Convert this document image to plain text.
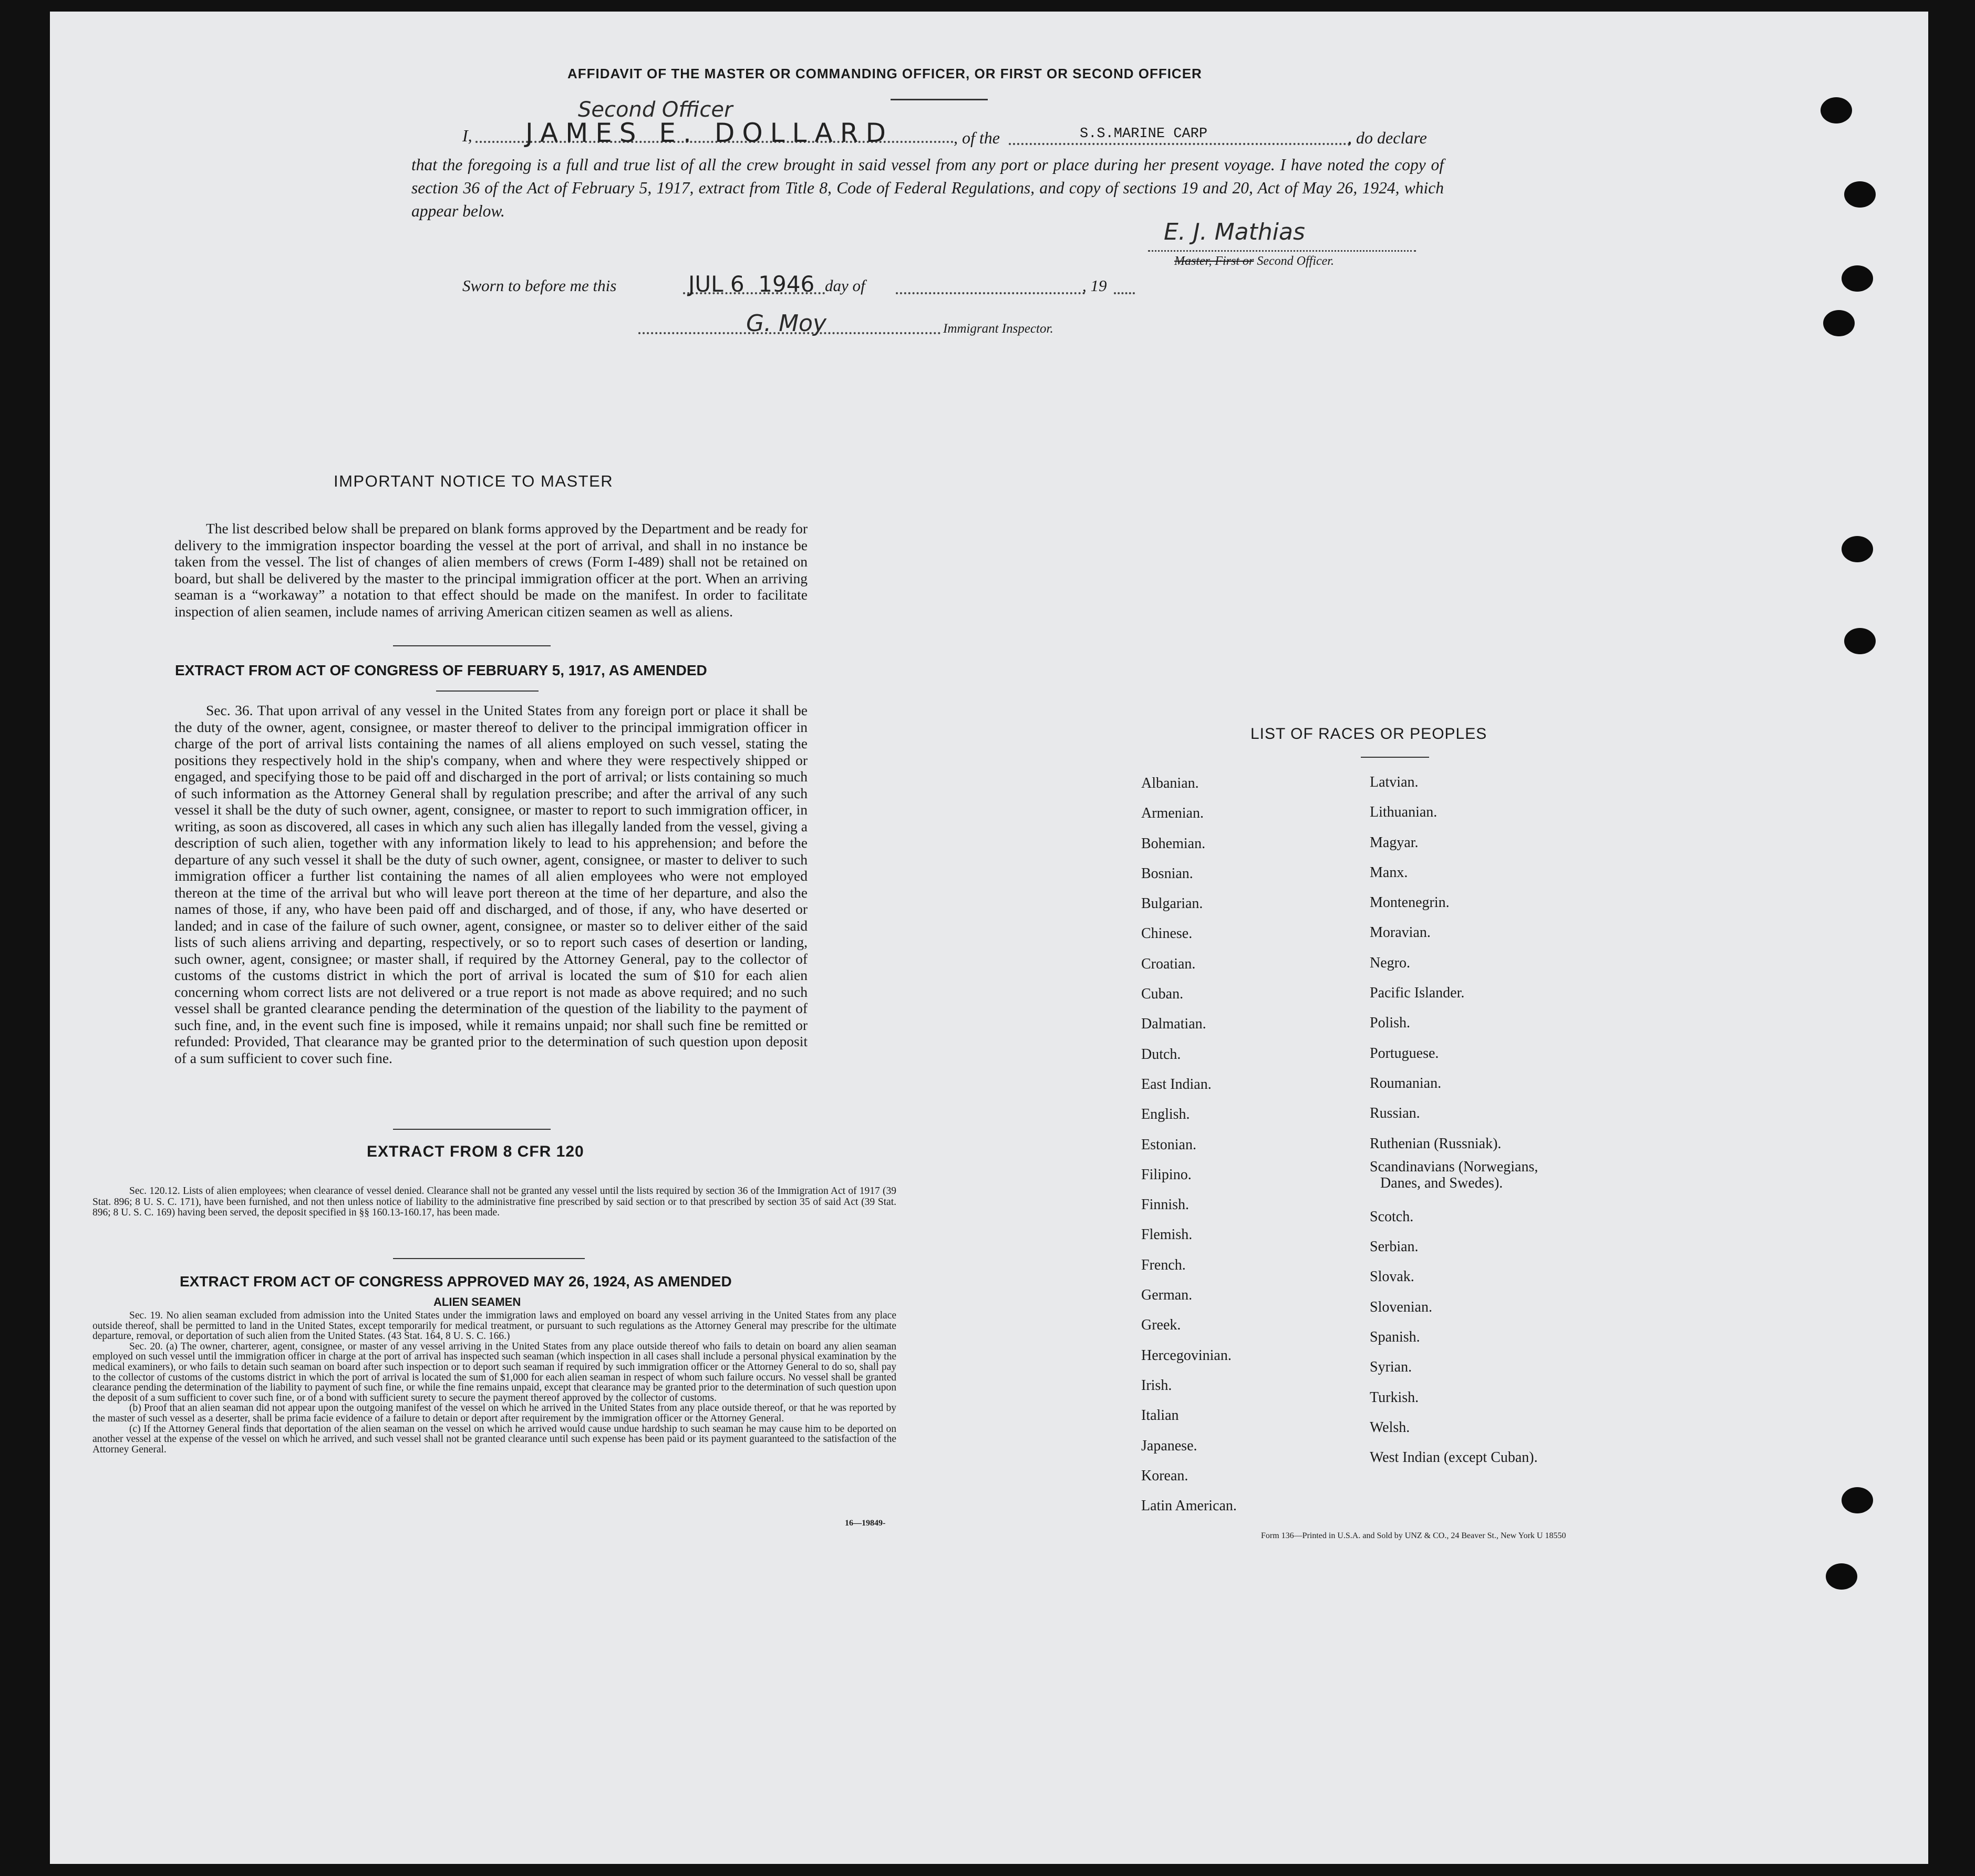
AFFIDAVIT OF THE MASTER OR COMMANDING OFFICER, OR FIRST OR SECOND OFFICER
I,
Second Officer
JAMES E. DOLLARD	, of the	S.S.MARINE CARP	, do declare
that the foregoing is a full and true list of all the crew brought in said vessel from any port or place during her present voyage. I have noted the copy of section 36 of the Act of February 5, 1917, extract from Title 8, Code of Federal Regulations, and copy of sections 19 and 20, Act of May 26, 1924, which appear below.
E. J. Mathias
Master, First or Second Officer.
Sworn to before me this	JUL 6  1946 day of	, 19
G. Moy	Immigrant Inspector.
IMPORTANT NOTICE TO MASTER
The list described below shall be prepared on blank forms approved by the Department and be ready for delivery to the immigration inspector boarding the vessel at the port of arrival, and shall in no instance be taken from the vessel. The list of changes of alien members of crews (Form I-489) shall not be retained on board, but shall be delivered by the master to the principal immigration officer at the port. When an arriving seaman is a “workaway” a notation to that effect should be made on the manifest. In order to facilitate inspection of alien seamen, include names of arriving American citizen seamen as well as aliens.
EXTRACT FROM ACT OF CONGRESS OF FEBRUARY 5, 1917, AS AMENDED
Sec. 36. That upon arrival of any vessel in the United States from any foreign port or place it shall be the duty of the owner, agent, consignee, or master thereof to deliver to the principal immigration officer in charge of the port of arrival lists containing the names of all aliens employed on such vessel, stating the positions they respectively hold in the ship's company, when and where they were respectively shipped or engaged, and specifying those to be paid off and discharged in the port of arrival; or lists containing so much of such information as the Attorney General shall by regulation prescribe; and after the arrival of any such vessel it shall be the duty of such owner, agent, consignee, or master to report to such immigration officer, in writing, as soon as discovered, all cases in which any such alien has illegally landed from the vessel, giving a description of such alien, together with any information likely to lead to his apprehension; and before the departure of any such vessel it shall be the duty of such owner, agent, consignee, or master to deliver to such immigration officer a further list containing the names of all alien employees who were not employed thereon at the time of the arrival but who will leave port thereon at the time of her departure, and also the names of those, if any, who have been paid off and discharged, and of those, if any, who have deserted or landed; and in case of the failure of such owner, agent, consignee, or master so to deliver either of the said lists of such aliens arriving and departing, respectively, or so to report such cases of desertion or landing, such owner, agent, consignee; or master shall, if required by the Attorney General, pay to the collector of customs of the customs district in which the port of arrival is located the sum of $10 for each alien concerning whom correct lists are not delivered or a true report is not made as above required; and no such vessel shall be granted clearance pending the determination of the question of the liability to the payment of such fine, and, in the event such fine is imposed, while it remains unpaid; nor shall such fine be remitted or refunded: Provided, That clearance may be granted prior to the determination of such question upon deposit of a sum sufficient to cover such fine.
EXTRACT FROM 8 CFR 120
Sec. 120.12. Lists of alien employees; when clearance of vessel denied. Clearance shall not be granted any vessel until the lists required by section 36 of the Immigration Act of 1917 (39 Stat. 896; 8 U. S. C. 171), have been furnished, and not then unless notice of liability to the administrative fine prescribed by said section or to that prescribed by section 35 of said Act (39 Stat. 896; 8 U. S. C. 169) having been served, the deposit specified in §§ 160.13-160.17, has been made.
EXTRACT FROM ACT OF CONGRESS APPROVED MAY 26, 1924, AS AMENDED
ALIEN SEAMEN

Sec. 19. No alien seaman excluded from admission into the United States under the immigration laws and employed on board any vessel arriving in the United States from any place outside thereof, shall be permitted to land in the United States, except temporarily for medical treatment, or pursuant to such regulations as the Attorney General may prescribe for the ultimate departure, removal, or deportation of such alien from the United States. (43 Stat. 164, 8 U. S. C. 166.)

Sec. 20. (a) The owner, charterer, agent, consignee, or master of any vessel arriving in the United States from any place outside thereof who fails to detain on board any alien seaman employed on such vessel until the immigration officer in charge at the port of arrival has inspected such seaman (which inspection in all cases shall include a personal physical examination by the medical examiners), or who fails to detain such seaman on board after such inspection or to deport such seaman if required by such immigration officer or the Attorney General to do so, shall pay to the collector of customs of the customs district in which the port of arrival is located the sum of $1,000 for each alien seaman in respect of whom such failure occurs. No vessel shall be granted clearance pending the determination of the liability to payment of such fine, or while the fine remains unpaid, except that clearance may be granted prior to the determination of such question upon the deposit of a sum sufficient to cover such fine, or of a bond with sufficient surety to secure the payment thereof approved by the collector of customs.

(b) Proof that an alien seaman did not appear upon the outgoing manifest of the vessel on which he arrived in the United States from any place outside thereof, or that he was reported by the master of such vessel as a deserter, shall be prima facie evidence of a failure to detain or deport after requirement by the immigration officer or the Attorney General.

(c) If the Attorney General finds that deportation of the alien seaman on the vessel on which he arrived would cause undue hardship to such seaman he may cause him to be deported on another vessel at the expense of the vessel on which he arrived, and such vessel shall not be granted clearance until such expense has been paid or its payment guaranteed to the satisfaction of the Attorney General.

16—19849-
LIST OF RACES OR PEOPLES
Albanian.
Armenian.
Bohemian.
Bosnian.
Bulgarian.
Chinese.
Croatian.
Cuban.
Dalmatian.
Dutch.
East Indian.
English.
Estonian.
Filipino.
Finnish.
Flemish.
French.
German.
Greek.
Hercegovinian.
Irish.
Italian
Japanese.
Korean.
Latin American.
Latvian.
Lithuanian.
Magyar.
Manx.
Montenegrin.
Moravian.
Negro.
Pacific Islander.
Polish.
Portuguese.
Roumanian.
Russian.
Ruthenian (Russniak).
Scandinavians (Norwegians,
Danes, and Swedes).
Scotch.
Serbian.
Slovak.
Slovenian.
Spanish.
Syrian.
Turkish.
Welsh.
West Indian (except Cuban).
Form 136—Printed in U.S.A. and Sold by UNZ & CO., 24 Beaver St., New York U 18550
